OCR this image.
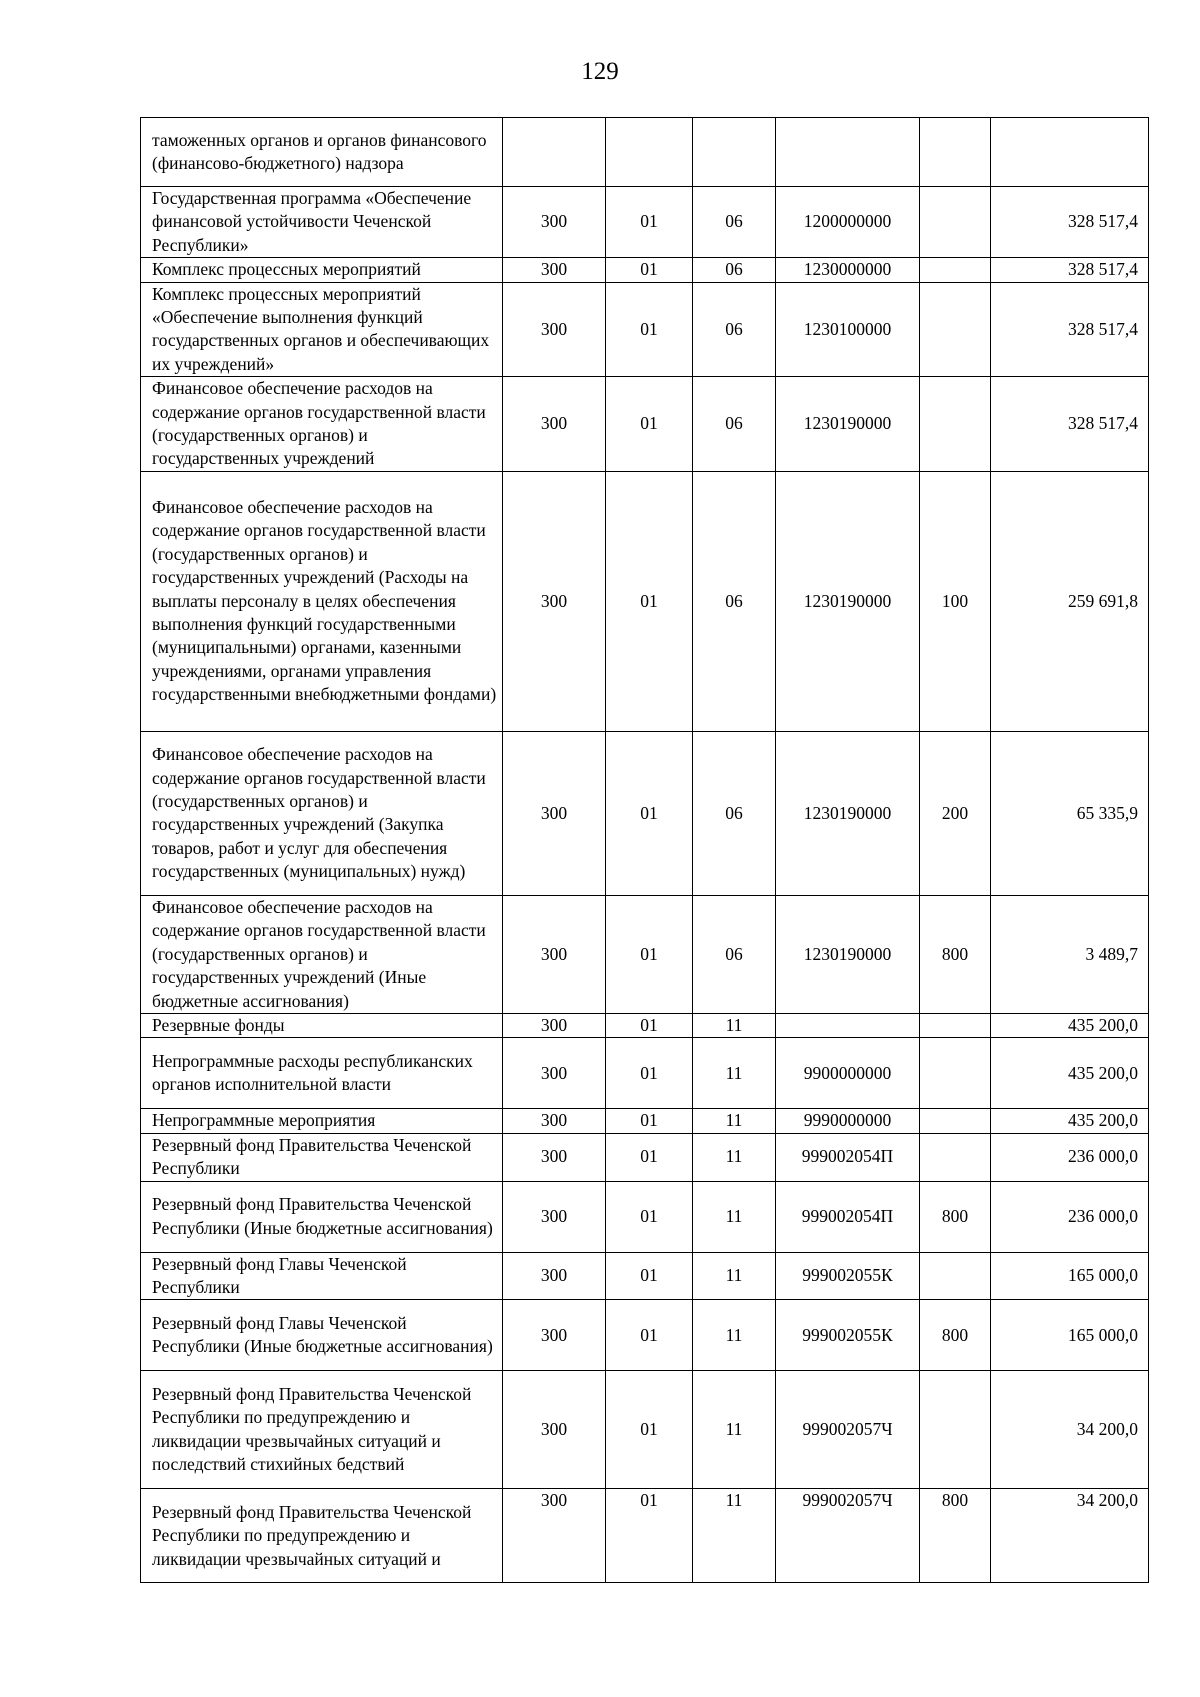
129
таможенных органов и органов финансового (финансово-бюджетного) надзора						
Государственная программа «Обеспечение финансовой устойчивости Чеченской Республики»	300	01	06	1200000000		328 517,4
Комплекс процессных мероприятий	300	01	06	1230000000		328 517,4
Комплекс процессных мероприятий «Обеспечение выполнения функций государственных органов и обеспечивающих их учреждений»	300	01	06	1230100000		328 517,4
Финансовое обеспечение расходов на содержание органов государственной власти (государственных органов) и государственных учреждений	300	01	06	1230190000		328 517,4
Финансовое обеспечение расходов на содержание органов государственной власти (государственных органов) и государственных учреждений (Расходы на выплаты персоналу в целях обеспечения выполнения функций государственными (муниципальными) органами, казенными учреждениями, органами управления государственными внебюджетными фондами)	300	01	06	1230190000	100	259 691,8
Финансовое обеспечение расходов на содержание органов государственной власти (государственных органов) и государственных учреждений (Закупка товаров, работ и услуг для обеспечения государственных (муниципальных) нужд)	300	01	06	1230190000	200	65 335,9
Финансовое обеспечение расходов на содержание органов государственной власти (государственных органов) и государственных учреждений (Иные бюджетные ассигнования)	300	01	06	1230190000	800	3 489,7
Резервные фонды	300	01	11			435 200,0
Непрограммные расходы республиканских органов исполнительной власти	300	01	11	9900000000		435 200,0
Непрограммные мероприятия	300	01	11	9990000000		435 200,0
Резервный фонд Правительства Чеченской Республики	300	01	11	999002054П		236 000,0
Резервный фонд Правительства Чеченской Республики (Иные бюджетные ассигнования)	300	01	11	999002054П	800	236 000,0
Резервный фонд Главы Чеченской Республики	300	01	11	999002055К		165 000,0
Резервный фонд Главы Чеченской Республики (Иные бюджетные ассигнования)	300	01	11	999002055К	800	165 000,0
Резервный фонд Правительства Чеченской Республики по предупреждению и ликвидации чрезвычайных ситуаций и последствий стихийных бедствий	300	01	11	999002057Ч		34 200,0
Резервный фонд Правительства Чеченской Республики по предупреждению и ликвидации чрезвычайных ситуаций и	300	01	11	999002057Ч	800	34 200,0
